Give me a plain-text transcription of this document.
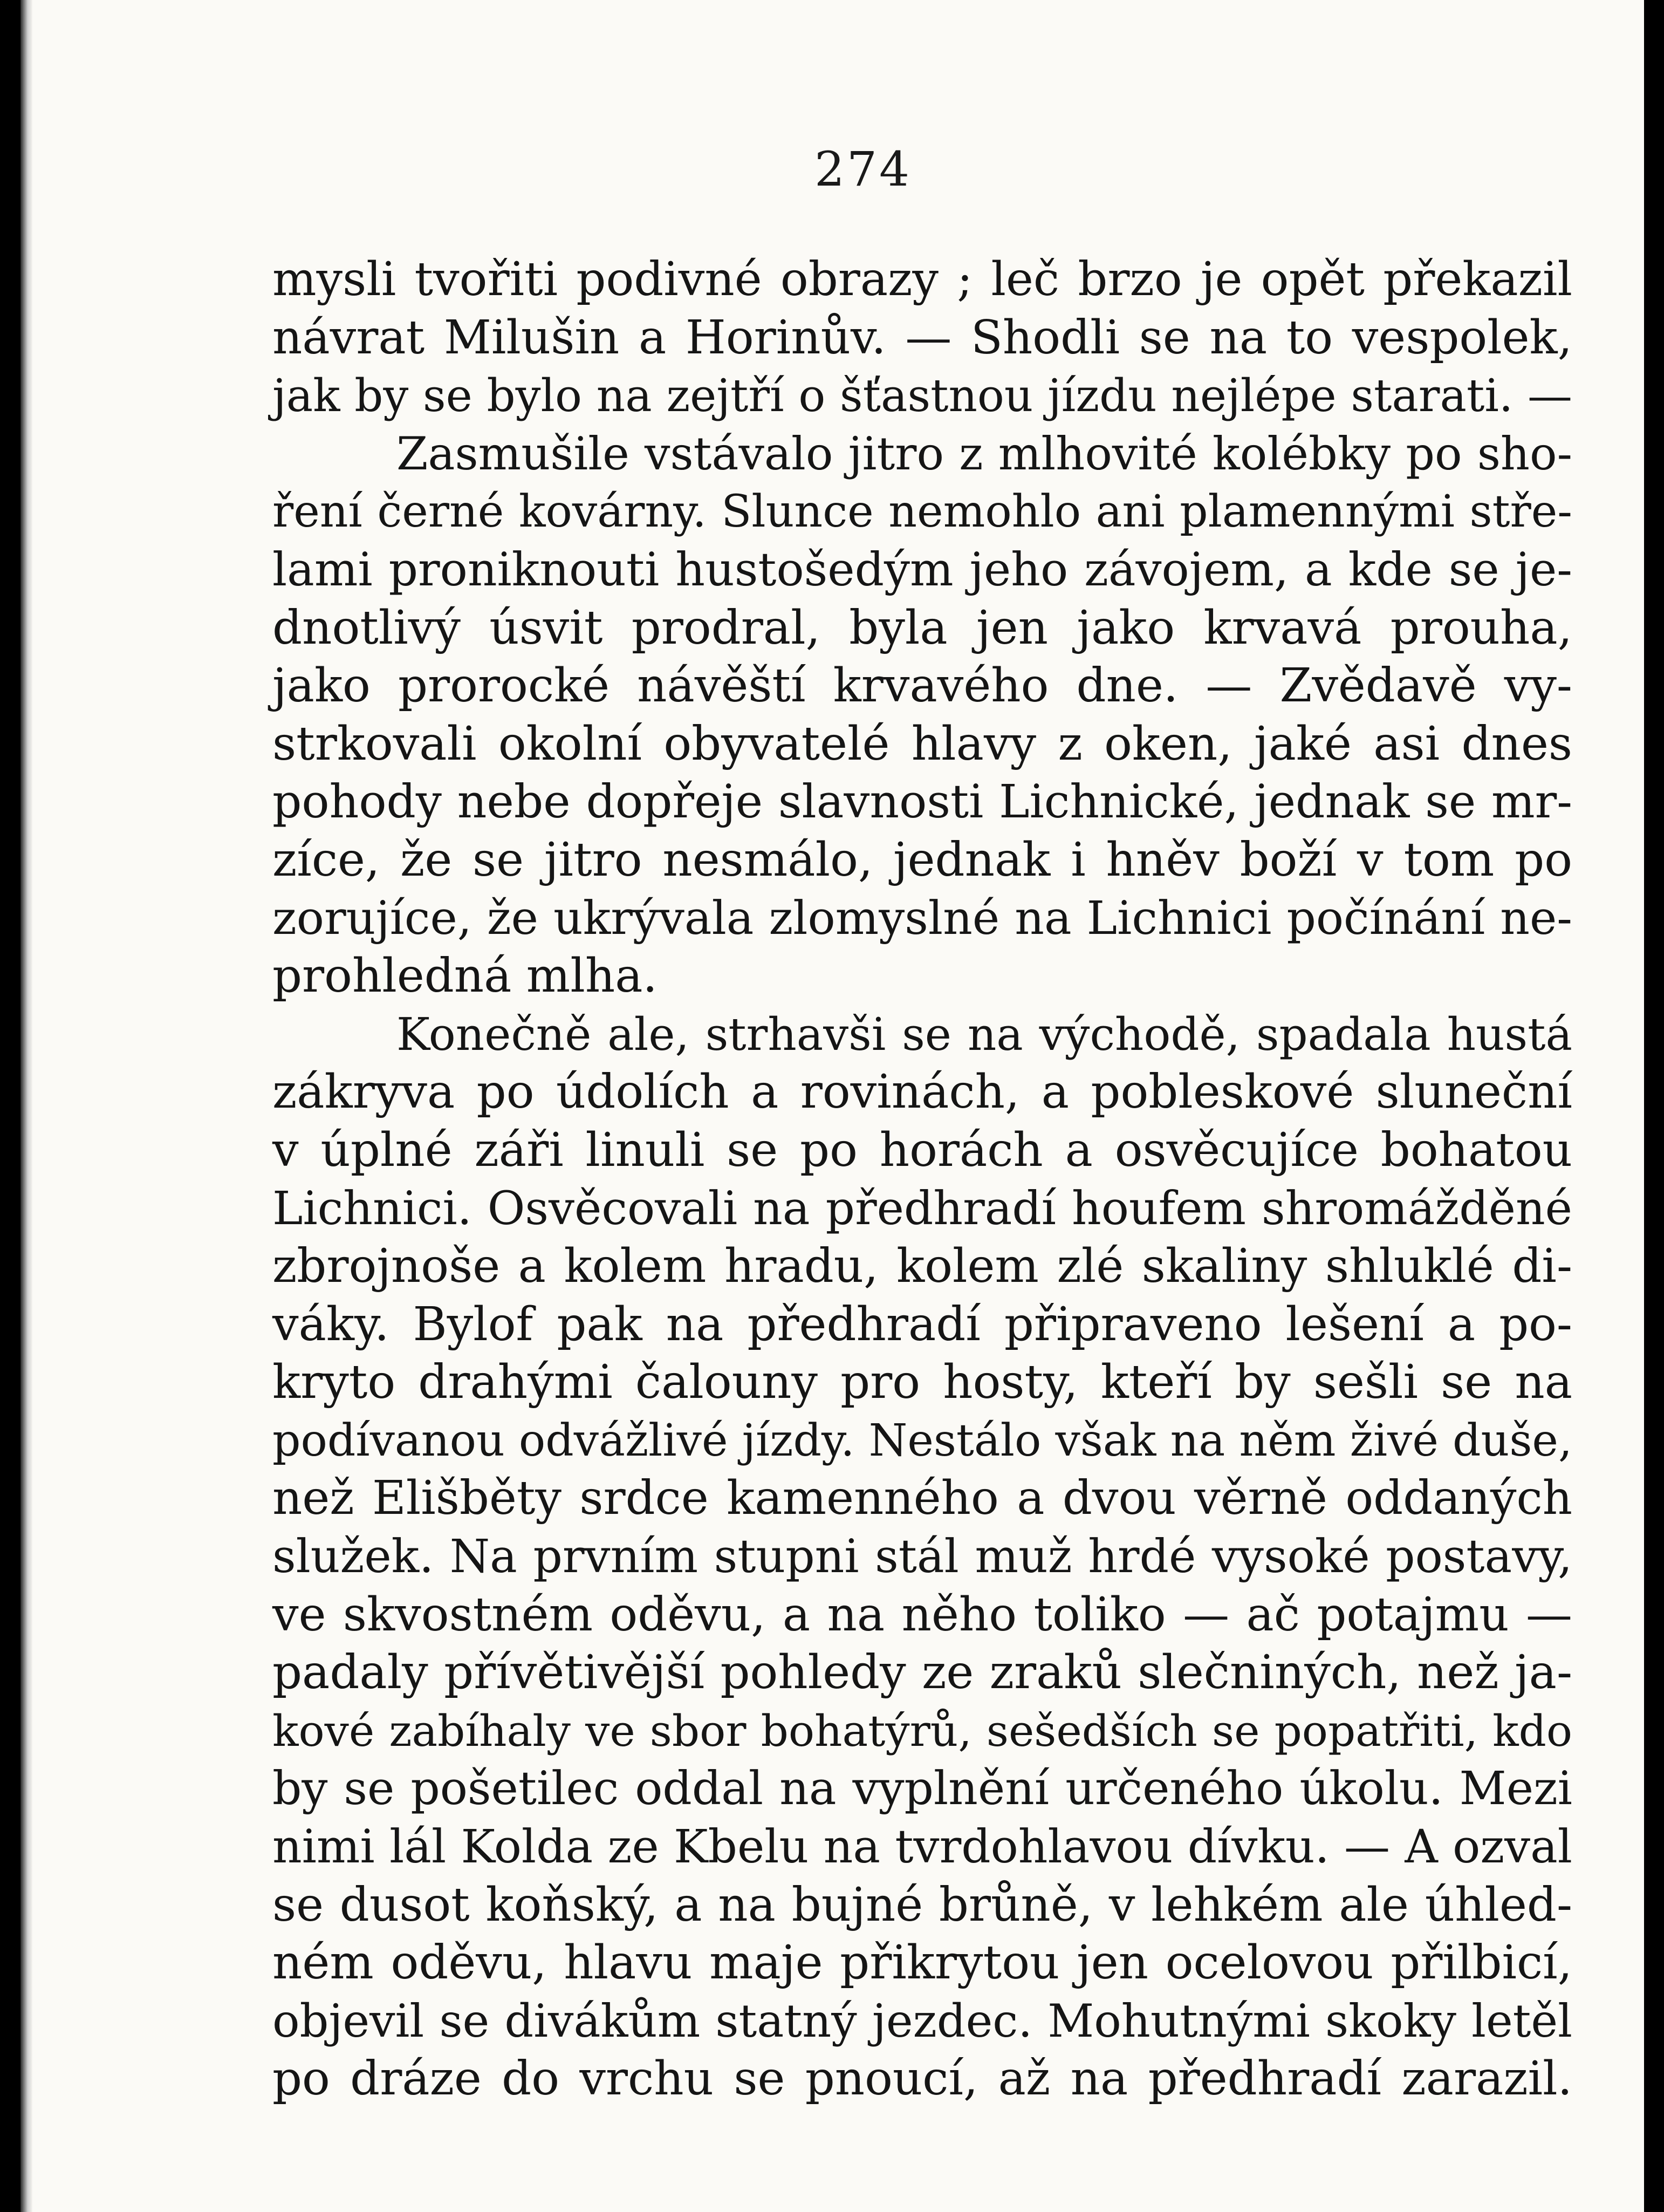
274
mysli tvořiti podivné obrazy ; leč brzo je opět překazil
návrat Milušin a Horinův. — Shodli se na to vespolek,
jak by se bylo na zejtří o šťastnou jízdu nejlépe starati. —
Zasmušile vstávalo jitro z mlhovité kolébky po sho-
ření černé kovárny. Slunce nemohlo ani plamennými stře-
lami proniknouti hustošedým jeho závojem, a kde se je-
dnotlivý úsvit prodral, byla jen jako krvavá prouha,
jako prorocké návěští krvavého dne. — Zvědavě vy-
strkovali okolní obyvatelé hlavy z oken, jaké asi dnes
pohody nebe dopřeje slavnosti Lichnické, jednak se mr-
zíce, že se jitro nesmálo, jednak i hněv boží v tom po
zorujíce, že ukrývala zlomyslné na Lichnici počínání ne-
prohledná mlha.
Konečně ale, strhavši se na východě, spadala hustá
zákryva po údolích a rovinách, a pobleskové sluneční
v úplné záři linuli se po horách a osvěcujíce bohatou
Lichnici. Osvěcovali na předhradí houfem shromážděné
zbrojnoše a kolem hradu, kolem zlé skaliny shluklé di-
váky. Bylof pak na předhradí připraveno lešení a po-
kryto drahými čalouny pro hosty, kteří by sešli se na
podívanou odvážlivé jízdy. Nestálo však na něm živé duše,
než Elišběty srdce kamenného a dvou věrně oddaných
služek. Na prvním stupni stál muž hrdé vysoké postavy,
ve skvostném oděvu, a na něho toliko — ač potajmu —
padaly přívětivější pohledy ze zraků slečniných, než ja-
kové zabíhaly ve sbor bohatýrů, sešedších se popatřiti, kdo
by se pošetilec oddal na vyplnění určeného úkolu. Mezi
nimi lál Kolda ze Kbelu na tvrdohlavou dívku. — A ozval
se dusot koňský, a na bujné brůně, v lehkém ale úhled-
ném oděvu, hlavu maje přikrytou jen ocelovou přilbicí,
objevil se divákům statný jezdec. Mohutnými skoky letěl
po dráze do vrchu se pnoucí, až na předhradí zarazil.
